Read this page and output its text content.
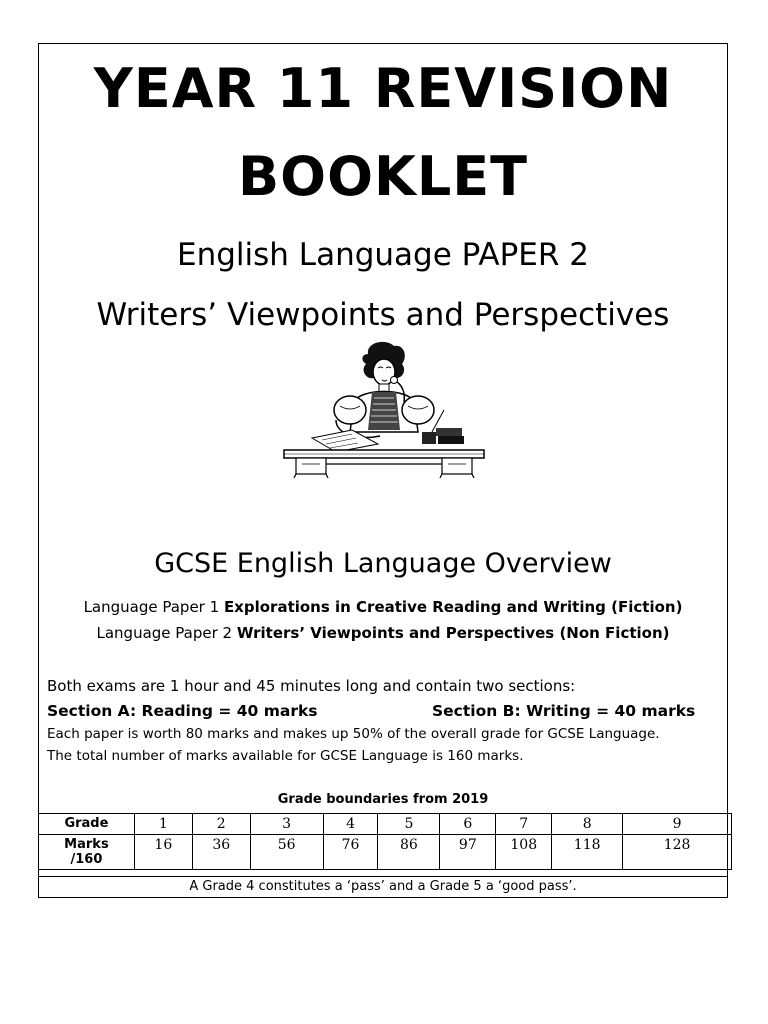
YEAR 11 REVISION
BOOKLET
English Language PAPER 2
Writers’ Viewpoints and Perspectives
GCSE English Language Overview
Language Paper 1 Explorations in Creative Reading and Writing (Fiction)
Language Paper 2 Writers’ Viewpoints and Perspectives (Non Fiction)
Both exams are 1 hour and 45 minutes long and contain two sections:
Section A: Reading = 40 marks	Section B: Writing = 40 marks
Each paper is worth 80 marks and makes up 50% of the overall grade for GCSE Language.
The total number of marks available for GCSE Language is 160 marks.
Grade boundaries from 2019
Grade	1	2	3	4	5	6	7	8	9

Marks
/160	16	36	56	76	86	97	108	118	128
A Grade 4 constitutes a ‘pass’ and a Grade 5 a ‘good pass’.
